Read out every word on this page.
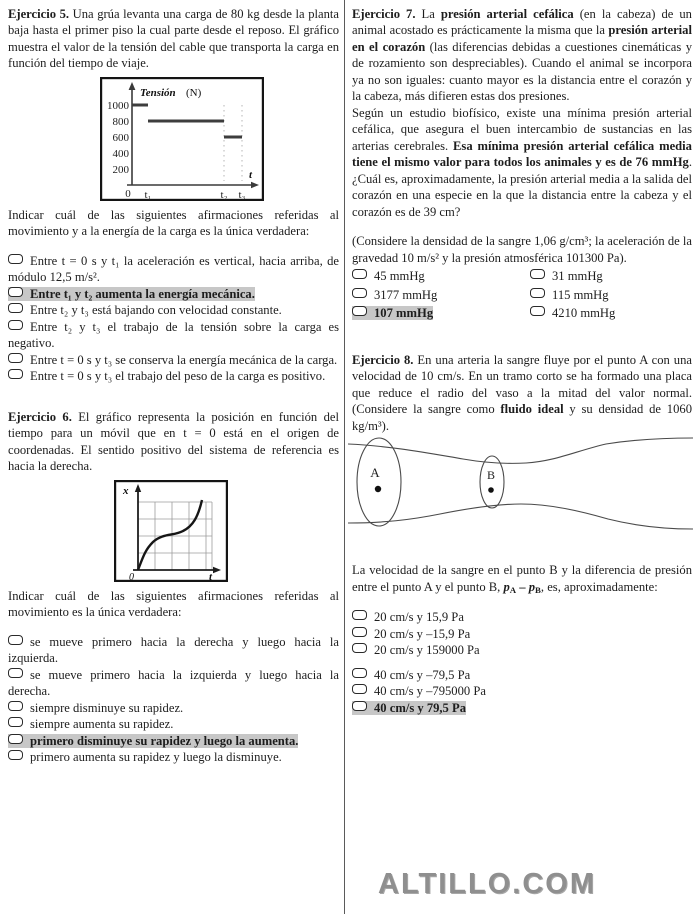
Ejercicio 5. Una grúa levanta una carga de 80 kg desde la planta baja hasta el primer piso la cual parte desde el reposo. El gráfico muestra el valor de la tensión del cable que transporta la carga en función del tiempo de viaje.

1000
800
600
400
200
Tensión (N)
t
0 t₁	t₂ t₃

Indicar cuál de las siguientes afirmaciones referidas al movimiento y a la energía de la carga es la única verdadera:

Entre t = 0 s y t₁ la aceleración es vertical, hacia arriba, de módulo 12,5 m/s².

Entre t₁ y t₂ aumenta la energía mecánica.

Entre t₂ y t₃ está bajando con velocidad constante.

Entre t₂ y t₃ el trabajo de la tensión sobre la carga es negativo.

Entre t = 0 s y t₃ se conserva la energía mecánica de la carga.

Entre t = 0 s y t₃ el trabajo del peso de la carga es positivo.

Ejercicio 6. El gráfico representa la posición en función del tiempo para un móvil que en t = 0 está en el origen de coordenadas. El sentido positivo del sistema de referencia es hacia la derecha.

x
t
0

Indicar cuál de las siguientes afirmaciones referidas al movimiento es la única verdadera:

se mueve primero hacia la derecha y luego hacia la izquierda.

se mueve primero hacia la izquierda y luego hacia la derecha.

siempre disminuye su rapidez.

siempre aumenta su rapidez.

primero disminuye su rapidez y luego la aumenta.

primero aumenta su rapidez y luego la disminuye.

Ejercicio 7. La presión arterial cefálica (en la cabeza) de un animal acostado es prácticamente la misma que la presión arterial en el corazón (las diferencias debidas a cuestiones cinemáticas y de rozamiento son despreciables). Cuando el animal se incorpora ya no son iguales: cuanto mayor es la distancia entre el corazón y la cabeza, más difieren estas dos presiones.

Según un estudio biofísico, existe una mínima presión arterial cefálica, que asegura el buen intercambio de sustancias en las arterias cerebrales. Esa mínima presión arterial cefálica media tiene el mismo valor para todos los animales y es de 76 mmHg. ¿Cuál es, aproximadamente, la presión arterial media a la salida del corazón en una especie en la que la distancia entre la cabeza y el corazón es de 39 cm?

(Considere la densidad de la sangre 1,06 g/cm³; la aceleración de la gravedad 10 m/s² y la presión atmosférica 101300 Pa).

45 mmHg	31 mmHg

3177 mmHg	115 mmHg

107 mmHg	4210 mmHg

Ejercicio 8. En una arteria la sangre fluye por el punto A con una velocidad de 10 cm/s. En un tramo corto se ha formado una placa que reduce el radio del vaso a la mitad del valor normal. (Considere la sangre como fluido ideal y su densidad de 1060 kg/m³).

A	B

La velocidad de la sangre en el punto B y la diferencia de presión entre el punto A y el punto B, $p_A - p_B$, es, aproximadamente:

20 cm/s y 15,9 Pa

20 cm/s y –15,9 Pa

20 cm/s y 159000 Pa

40 cm/s y –79,5 Pa

40 cm/s y –795000 Pa

40 cm/s y 79,5 Pa

ALTILLO.COM
